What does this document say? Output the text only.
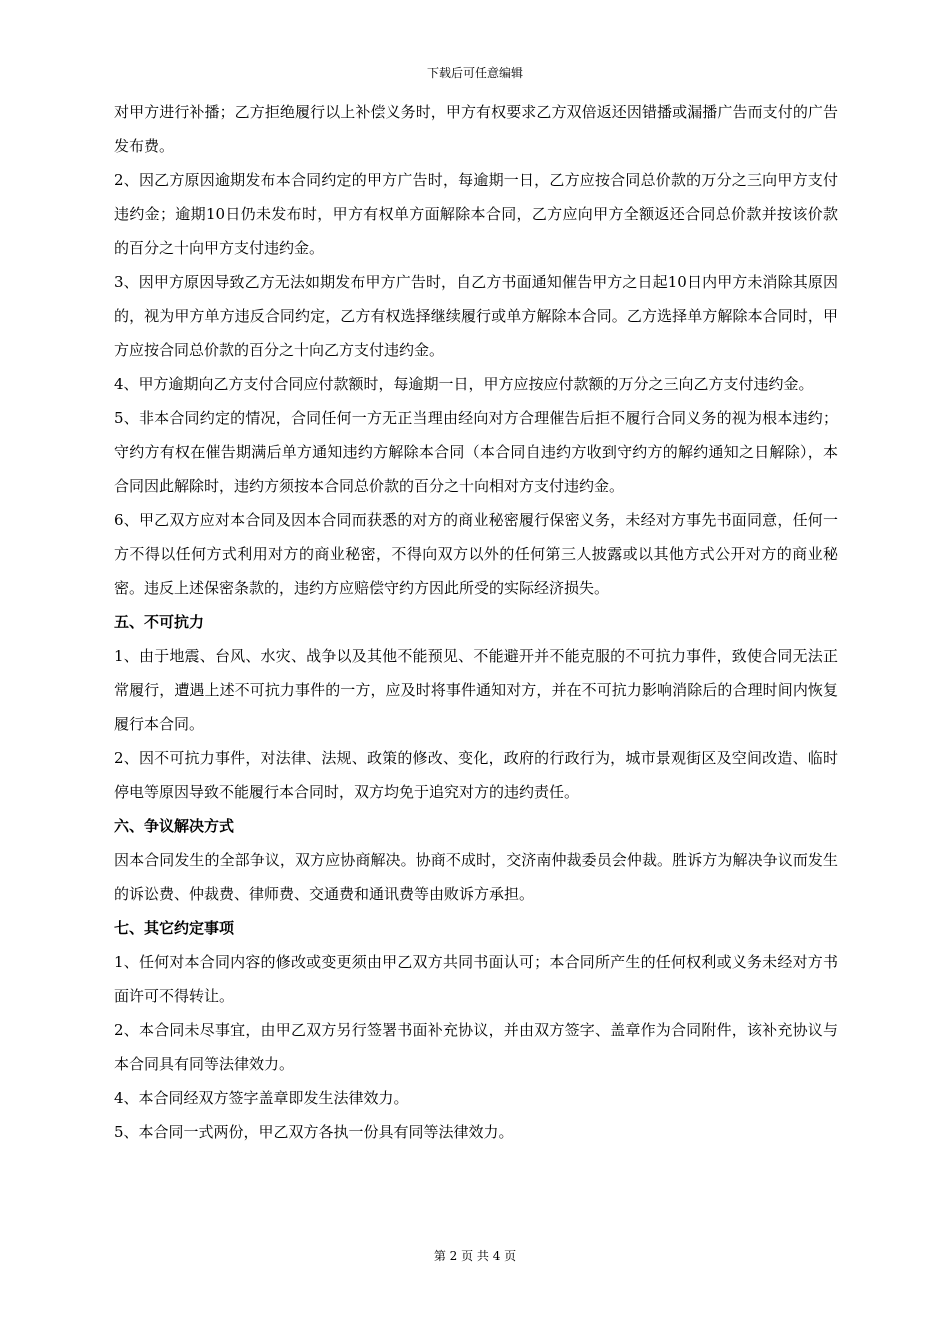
下载后可任意编辑

对甲方进行补播；乙方拒绝履行以上补偿义务时，甲方有权要求乙方双倍返还因错播或漏播广告而支付的广告发布费。

2、因乙方原因逾期发布本合同约定的甲方广告时，每逾期一日，乙方应按合同总价款的万分之三向甲方支付违约金；逾期10日仍未发布时，甲方有权单方面解除本合同，乙方应向甲方全额返还合同总价款并按该价款的百分之十向甲方支付违约金。

3、因甲方原因导致乙方无法如期发布甲方广告时，自乙方书面通知催告甲方之日起10日内甲方未消除其原因的，视为甲方单方违反合同约定，乙方有权选择继续履行或单方解除本合同。乙方选择单方解除本合同时，甲方应按合同总价款的百分之十向乙方支付违约金。

4、甲方逾期向乙方支付合同应付款额时，每逾期一日，甲方应按应付款额的万分之三向乙方支付违约金。

5、非本合同约定的情况，合同任何一方无正当理由经向对方合理催告后拒不履行合同义务的视为根本违约；守约方有权在催告期满后单方通知违约方解除本合同（本合同自违约方收到守约方的解约通知之日解除），本合同因此解除时，违约方须按本合同总价款的百分之十向相对方支付违约金。

6、甲乙双方应对本合同及因本合同而获悉的对方的商业秘密履行保密义务，未经对方事先书面同意，任何一方不得以任何方式利用对方的商业秘密，不得向双方以外的任何第三人披露或以其他方式公开对方的商业秘密。违反上述保密条款的，违约方应赔偿守约方因此所受的实际经济损失。

五、不可抗力

1、由于地震、台风、水灾、战争以及其他不能预见、不能避开并不能克服的不可抗力事件，致使合同无法正常履行，遭遇上述不可抗力事件的一方，应及时将事件通知对方，并在不可抗力影响消除后的合理时间内恢复履行本合同。

2、因不可抗力事件，对法律、法规、政策的修改、变化，政府的行政行为，城市景观街区及空间改造、临时停电等原因导致不能履行本合同时，双方均免于追究对方的违约责任。

六、争议解决方式

因本合同发生的全部争议，双方应协商解决。协商不成时，交济南仲裁委员会仲裁。胜诉方为解决争议而发生的诉讼费、仲裁费、律师费、交通费和通讯费等由败诉方承担。

七、其它约定事项

1、任何对本合同内容的修改或变更须由甲乙双方共同书面认可；本合同所产生的任何权利或义务未经对方书面许可不得转让。

2、本合同未尽事宜，由甲乙双方另行签署书面补充协议，并由双方签字、盖章作为合同附件，该补充协议与本合同具有同等法律效力。

4、本合同经双方签字盖章即发生法律效力。

5、本合同一式两份，甲乙双方各执一份具有同等法律效力。

第 2 页 共 4 页
